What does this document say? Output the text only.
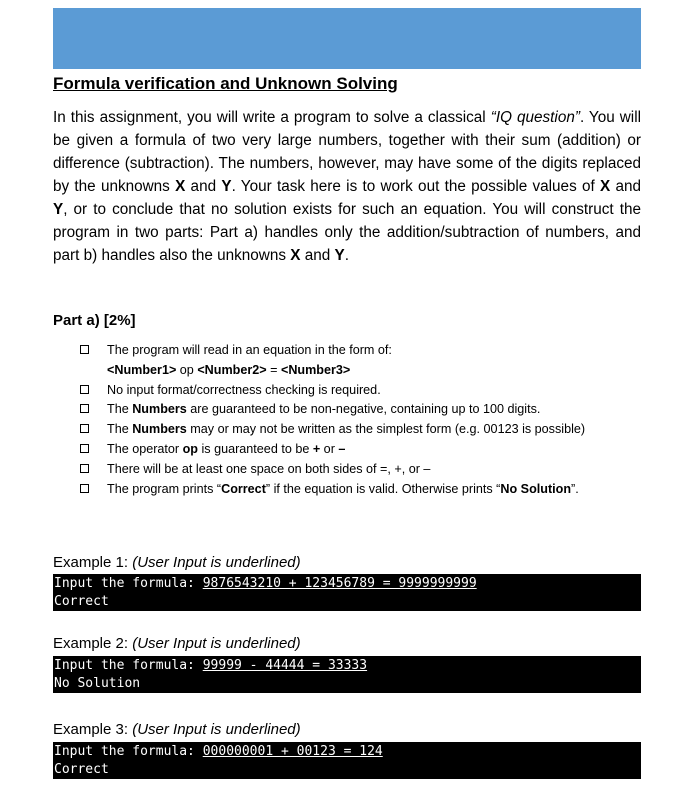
Formula verification and Unknown Solving
In this assignment, you will write a program to solve a classical “IQ question”. You will be given a formula of two very large numbers, together with their sum (addition) or difference (subtraction). The numbers, however, may have some of the digits replaced by the unknowns X and Y. Your task here is to work out the possible values of X and Y, or to conclude that no solution exists for such an equation. You will construct the program in two parts: Part a) handles only the addition/subtraction of numbers, and part b) handles also the unknowns X and Y.
Part a) [2%]
The program will read in an equation in the form of:
<Number1> op <Number2> = <Number3>
No input format/correctness checking is required.
The Numbers are guaranteed to be non-negative, containing up to 100 digits.
The Numbers may or may not be written as the simplest form (e.g. 00123 is possible)
The operator op is guaranteed to be + or –
There will be at least one space on both sides of =, +, or –
The program prints “Correct” if the equation is valid. Otherwise prints “No Solution”.
Example 1: (User Input is underlined)
Input the formula: 9876543210 + 123456789 = 9999999999
Correct
Example 2: (User Input is underlined)
Input the formula: 99999 - 44444 = 33333
No Solution
Example 3: (User Input is underlined)
Input the formula: 000000001 + 00123 = 124
Correct
